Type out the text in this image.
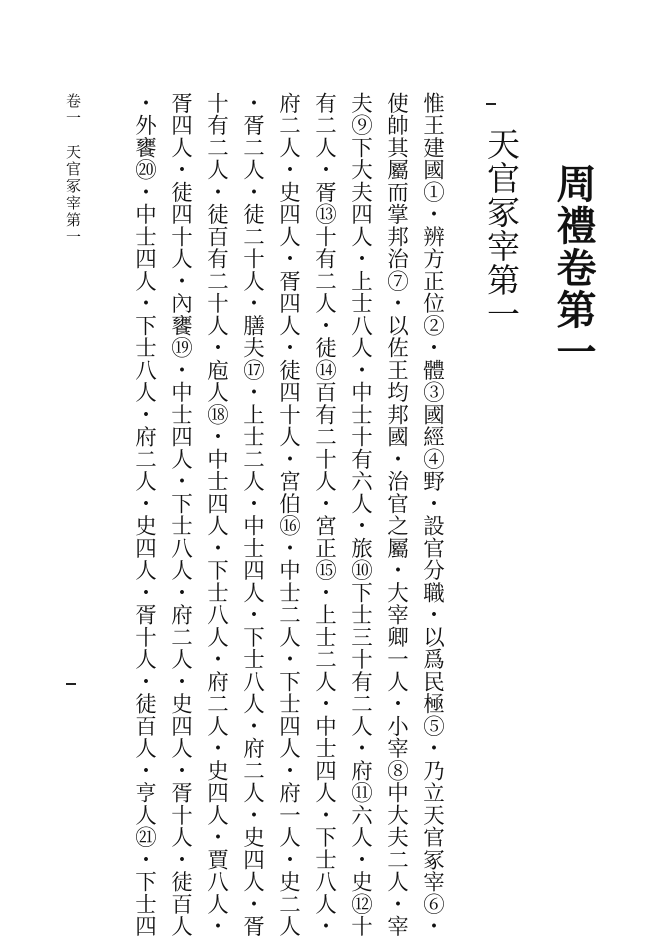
周禮卷第一
天官冢宰第一
惟王建國①・辨方正位②・體③國經④野・設官分職・以爲民極⑤・乃立天官冢宰⑥・
使帥其屬而掌邦治⑦・以佐王均邦國・治官之屬・大宰卿一人・小宰⑧中大夫二人・宰
夫⑨下大夫四人・上士八人・中士十有六人・旅⑩下士三十有二人・府⑪六人・史⑫十
有二人・胥⑬十有二人・徒⑭百有二十人・宮正⑮・上士二人・中士四人・下士八人・
府二人・史四人・胥四人・徒四十人・宮伯⑯・中士二人・下士四人・府一人・史二人
・胥二人・徒二十人・膳夫⑰・上士二人・中士四人・下士八人・府二人・史四人・胥
十有二人・徒百有二十人・庖人⑱・中士四人・下士八人・府二人・史四人・賈八人・
胥四人・徒四十人・內饔⑲・中士四人・下士八人・府二人・史四人・胥十人・徒百人
・外饔⑳・中士四人・下士八人・府二人・史四人・胥十人・徒百人・亨人㉑・下士四
卷一　天官冢宰第一
